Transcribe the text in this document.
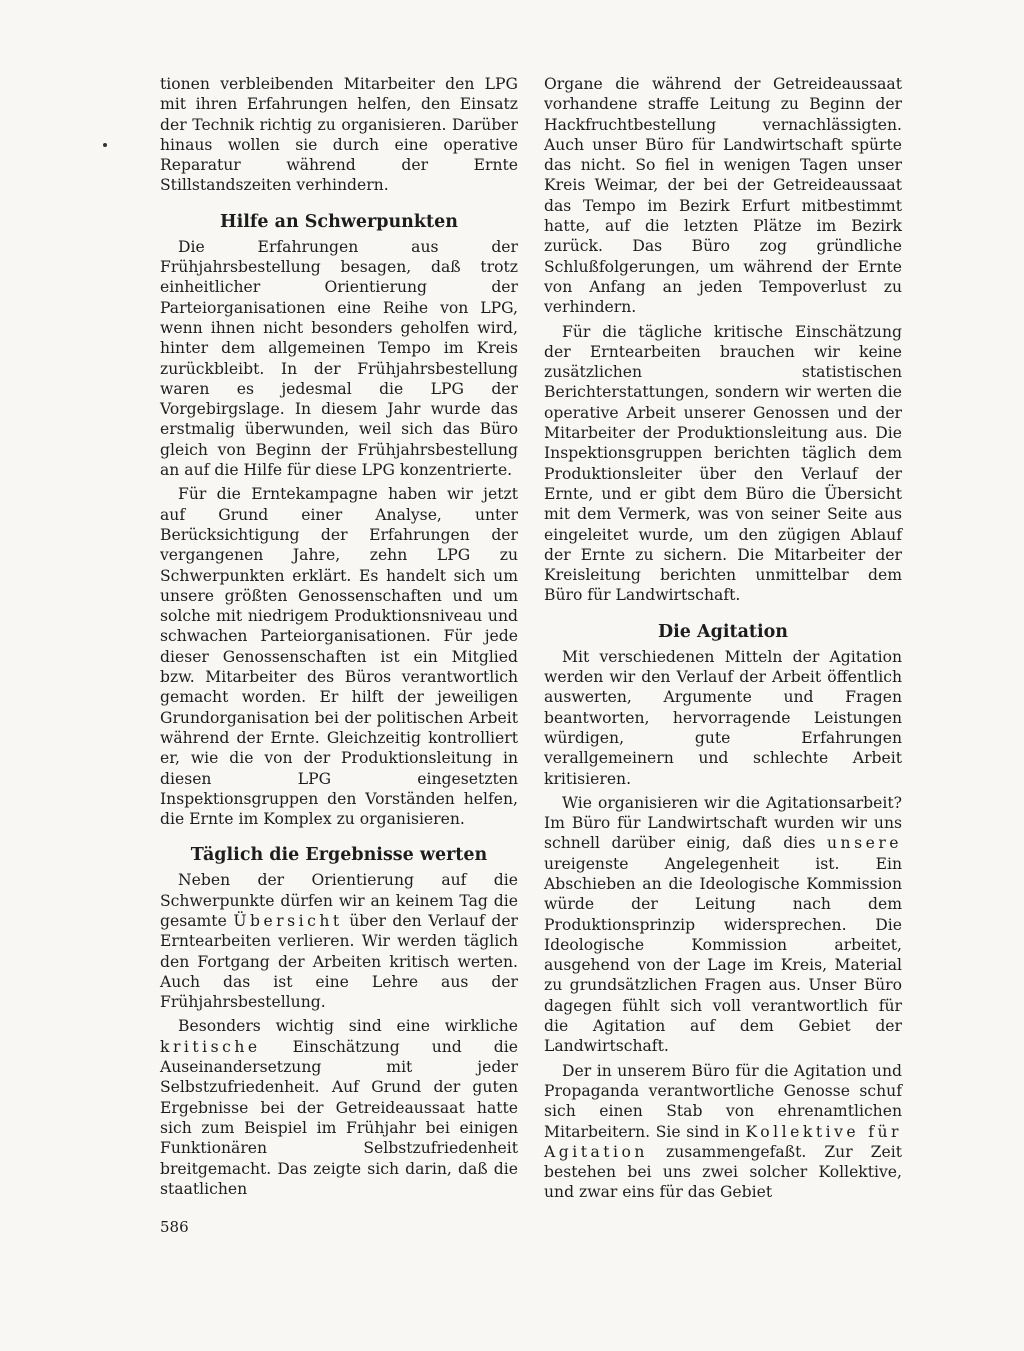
tionen verbleibenden Mitarbeiter den LPG mit ihren Erfahrungen helfen, den Einsatz der Technik richtig zu organisieren. Darüber hinaus wollen sie durch eine operative Reparatur während der Ernte Stillstandszeiten verhindern.

Hilfe an Schwerpunkten

Die Erfahrungen aus der Frühjahrsbestellung besagen, daß trotz einheitlicher Orientierung der Parteiorganisationen eine Reihe von LPG, wenn ihnen nicht besonders geholfen wird, hinter dem allgemeinen Tempo im Kreis zurückbleibt. In der Frühjahrsbestellung waren es jedesmal die LPG der Vorgebirgslage. In diesem Jahr wurde das erstmalig überwunden, weil sich das Büro gleich von Beginn der Frühjahrsbestellung an auf die Hilfe für diese LPG konzentrierte.

Für die Erntekampagne haben wir jetzt auf Grund einer Analyse, unter Berücksichtigung der Erfahrungen der vergangenen Jahre, zehn LPG zu Schwerpunkten erklärt. Es handelt sich um unsere größten Genossenschaften und um solche mit niedrigem Produktionsniveau und schwachen Parteiorganisationen. Für jede dieser Genossenschaften ist ein Mitglied bzw. Mitarbeiter des Büros verantwortlich gemacht worden. Er hilft der jeweiligen Grundorganisation bei der politischen Arbeit während der Ernte. Gleichzeitig kontrolliert er, wie die von der Produktionsleitung in diesen LPG eingesetzten Inspektionsgruppen den Vorständen helfen, die Ernte im Komplex zu organisieren.

Täglich die Ergebnisse werten

Neben der Orientierung auf die Schwerpunkte dürfen wir an keinem Tag die gesamte Übersicht über den Verlauf der Erntearbeiten verlieren. Wir werden täglich den Fortgang der Arbeiten kritisch werten. Auch das ist eine Lehre aus der Frühjahrsbestellung.

Besonders wichtig sind eine wirkliche kritische Einschätzung und die Auseinandersetzung mit jeder Selbstzufriedenheit. Auf Grund der guten Ergebnisse bei der Getreideaussaat hatte sich zum Beispiel im Frühjahr bei einigen Funktionären Selbstzufriedenheit breitgemacht. Das zeigte sich darin, daß die staatlichen

Organe die während der Getreideaussaat vorhandene straffe Leitung zu Beginn der Hackfruchtbestellung vernachlässigten. Auch unser Büro für Landwirtschaft spürte das nicht. So fiel in wenigen Tagen unser Kreis Weimar, der bei der Getreideaussaat das Tempo im Bezirk Erfurt mitbestimmt hatte, auf die letzten Plätze im Bezirk zurück. Das Büro zog gründliche Schlußfolgerungen, um während der Ernte von Anfang an jeden Tempoverlust zu verhindern.

Für die tägliche kritische Einschätzung der Erntearbeiten brauchen wir keine zusätzlichen statistischen Berichterstattungen, sondern wir werten die operative Arbeit unserer Genossen und der Mitarbeiter der Produktionsleitung aus. Die Inspektionsgruppen berichten täglich dem Produktionsleiter über den Verlauf der Ernte, und er gibt dem Büro die Übersicht mit dem Vermerk, was von seiner Seite aus eingeleitet wurde, um den zügigen Ablauf der Ernte zu sichern. Die Mitarbeiter der Kreisleitung berichten unmittelbar dem Büro für Landwirtschaft.

Die Agitation

Mit verschiedenen Mitteln der Agitation werden wir den Verlauf der Arbeit öffentlich auswerten, Argumente und Fragen beantworten, hervorragende Leistungen würdigen, gute Erfahrungen verallgemeinern und schlechte Arbeit kritisieren.

Wie organisieren wir die Agitationsarbeit? Im Büro für Landwirtschaft wurden wir uns schnell darüber einig, daß dies unsere ureigenste Angelegenheit ist. Ein Abschieben an die Ideologische Kommission würde der Leitung nach dem Produktionsprinzip widersprechen. Die Ideologische Kommission arbeitet, ausgehend von der Lage im Kreis, Material zu grundsätzlichen Fragen aus. Unser Büro dagegen fühlt sich voll verantwortlich für die Agitation auf dem Gebiet der Landwirtschaft.

Der in unserem Büro für die Agitation und Propaganda verantwortliche Genosse schuf sich einen Stab von ehrenamtlichen Mitarbeitern. Sie sind in Kollektive für Agitation zusammengefaßt. Zur Zeit bestehen bei uns zwei solcher Kollektive, und zwar eins für das Gebiet

586
